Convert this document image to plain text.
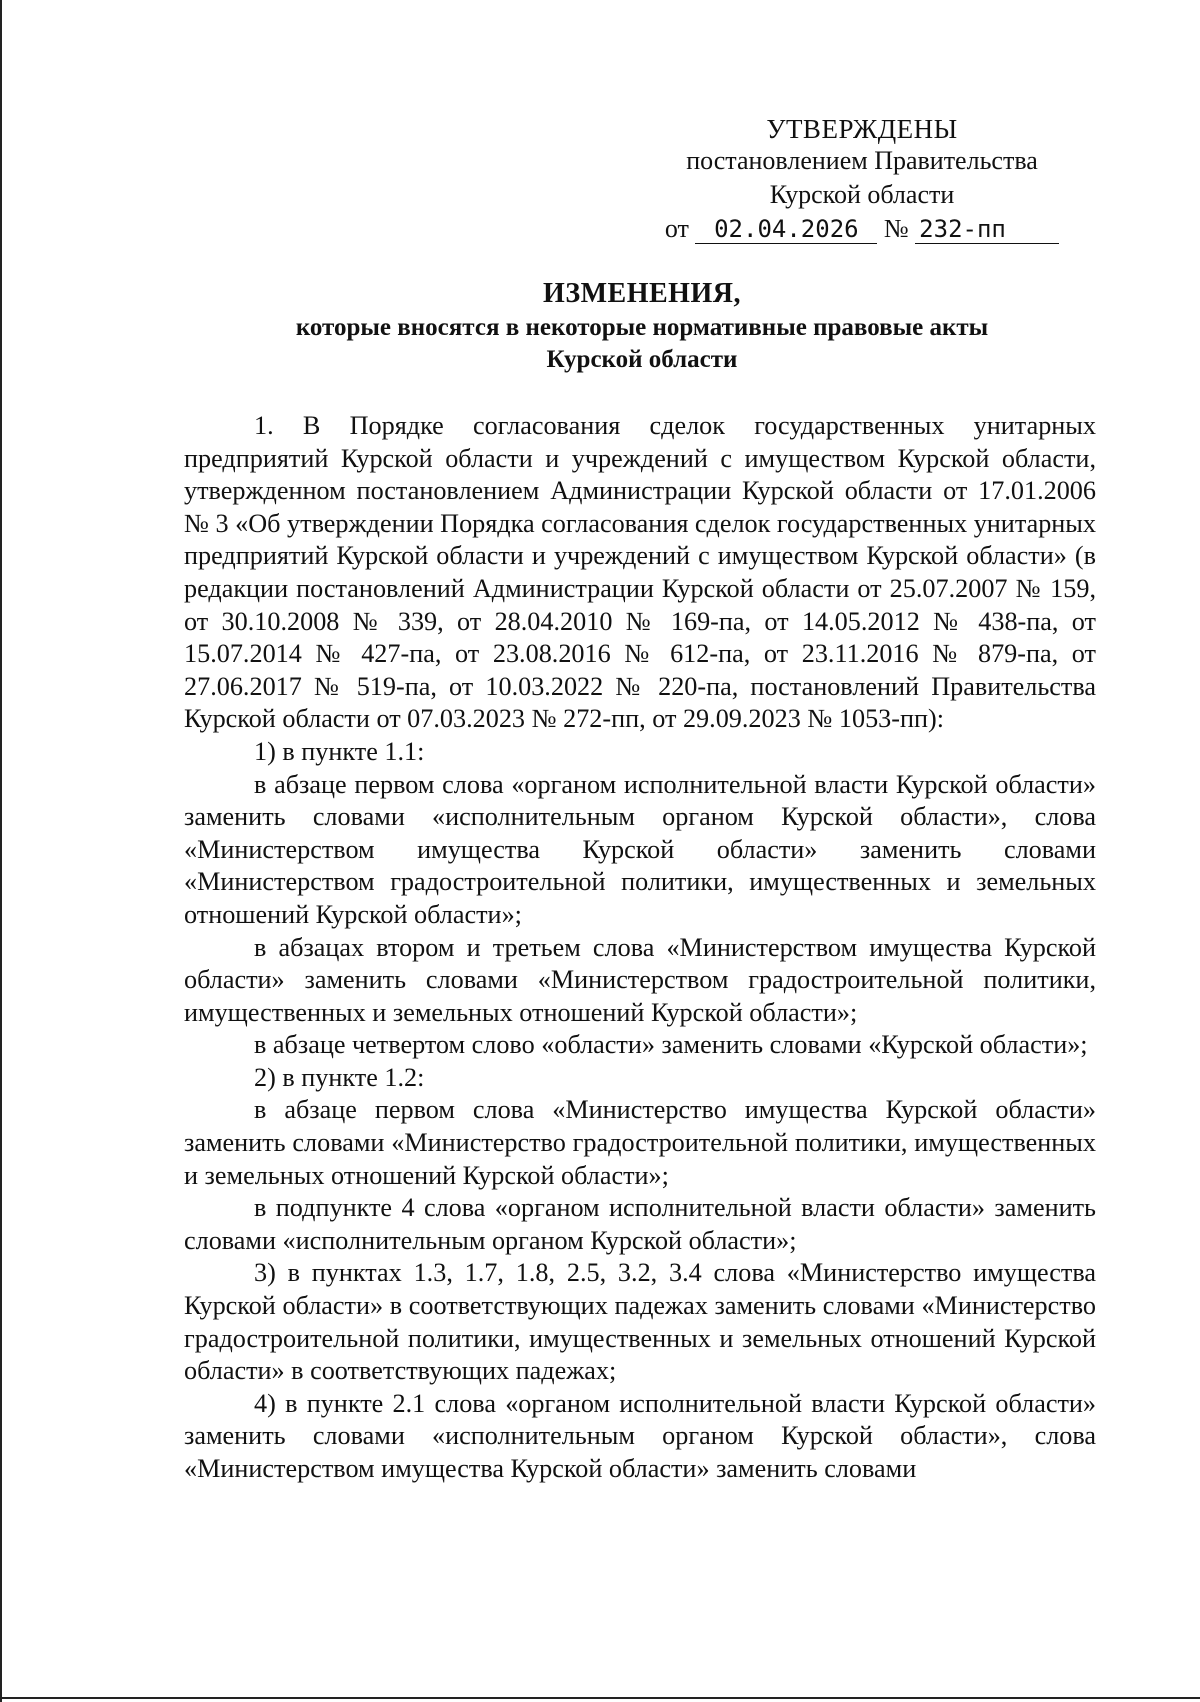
УТВЕРЖДЕНЫ
постановлением Правительства
Курской области
от 02.04.2026 № 232-пп
ИЗМЕНЕНИЯ,
которые вносятся в некоторые нормативные правовые акты
Курской области

1. В Порядке согласования сделок государственных унитарных предприятий Курской области и учреждений с имуществом Курской области, утвержденном постановлением Администрации Курской области от 17.01.2006 № 3 «Об утверждении Порядка согласования сделок государственных унитарных предприятий Курской области и учреждений с имуществом Курской области» (в редакции постановлений Администрации Курской области от 25.07.2007 № 159, от 30.10.2008 № 339, от 28.04.2010 № 169-па, от 14.05.2012 № 438-па, от 15.07.2014 № 427-па, от 23.08.2016 № 612-па, от 23.11.2016 № 879-па, от 27.06.2017 № 519-па, от 10.03.2022 № 220-па, постановлений Правительства Курской области от 07.03.2023 № 272-пп, от 29.09.2023 № 1053-пп):

1) в пункте 1.1:

в абзаце первом слова «органом исполнительной власти Курской области» заменить словами «исполнительным органом Курской области», слова «Министерством имущества Курской области» заменить словами «Министерством градостроительной политики, имущественных и земельных отношений Курской области»;

в абзацах втором и третьем слова «Министерством имущества Курской области» заменить словами «Министерством градостроительной политики, имущественных и земельных отношений Курской области»;

в абзаце четвертом слово «области» заменить словами «Курской области»;

2) в пункте 1.2:

в абзаце первом слова «Министерство имущества Курской области» заменить словами «Министерство градостроительной политики, имущественных и земельных отношений Курской области»;

в подпункте 4 слова «органом исполнительной власти области» заменить словами «исполнительным органом Курской области»;

3) в пунктах 1.3, 1.7, 1.8, 2.5, 3.2, 3.4 слова «Министерство имущества Курской области» в соответствующих падежах заменить словами «Министерство градостроительной политики, имущественных и земельных отношений Курской области» в соответствующих падежах;

4) в пункте 2.1 слова «органом исполнительной власти Курской области» заменить словами «исполнительным органом Курской области», слова «Министерством имущества Курской области» заменить словами
